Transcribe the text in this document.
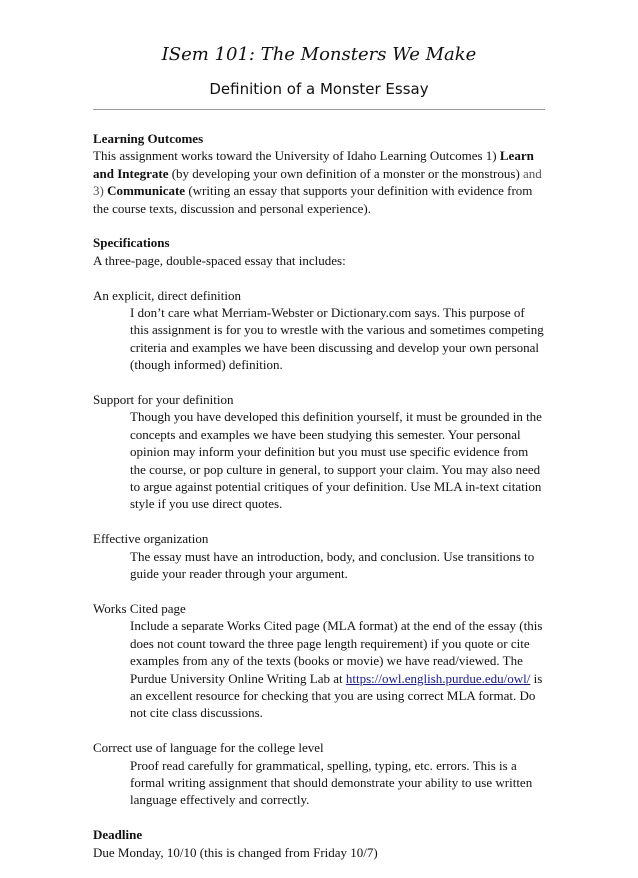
ISem 101: The Monsters We Make
Definition of a Monster Essay
Learning Outcomes

This assignment works toward the University of Idaho Learning Outcomes 1) Learn and Integrate (by developing your own definition of a monster or the monstrous) and 3) Communicate (writing an essay that supports your definition with evidence from the course texts, discussion and personal experience).

Specifications

A three-page, double-spaced essay that includes:

An explicit, direct definition

I don’t care what Merriam-Webster or Dictionary.com says. This purpose of this assignment is for you to wrestle with the various and sometimes competing criteria and examples we have been discussing and develop your own personal (though informed) definition.

Support for your definition

Though you have developed this definition yourself, it must be grounded in the concepts and examples we have been studying this semester. Your personal opinion may inform your definition but you must use specific evidence from the course, or pop culture in general, to support your claim. You may also need to argue against potential critiques of your definition. Use MLA in-text citation style if you use direct quotes.

Effective organization

The essay must have an introduction, body, and conclusion. Use transitions to guide your reader through your argument.

Works Cited page

Include a separate Works Cited page (MLA format) at the end of the essay (this does not count toward the three page length requirement) if you quote or cite examples from any of the texts (books or movie) we have read/viewed. The Purdue University Online Writing Lab at https://owl.english.purdue.edu/owl/ is an excellent resource for checking that you are using correct MLA format. Do not cite class discussions.

Correct use of language for the college level

Proof read carefully for grammatical, spelling, typing, etc. errors. This is a formal writing assignment that should demonstrate your ability to use written language effectively and correctly.

Deadline

Due Monday, 10/10 (this is changed from Friday 10/7)
